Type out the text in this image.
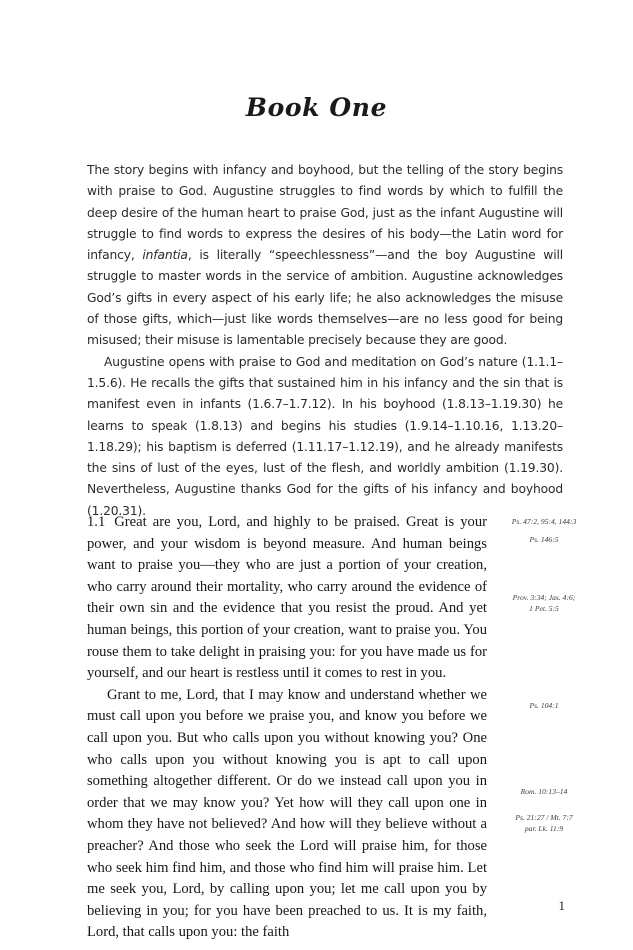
Book One

The story begins with infancy and boyhood, but the telling of the story begins with praise to God. Augustine struggles to find words by which to fulfill the deep desire of the human heart to praise God, just as the infant Augustine will struggle to find words to express the desires of his body—the Latin word for infancy, infantia, is literally “speechlessness”—and the boy Augustine will struggle to master words in the service of ambition. Augustine acknowledges God’s gifts in every aspect of his early life; he also acknowledges the misuse of those gifts, which—just like words themselves—are no less good for being misused; their misuse is lamentable precisely because they are good.

Augustine opens with praise to God and meditation on God’s nature (1.1.1–1.5.6). He recalls the gifts that sustained him in his infancy and the sin that is manifest even in infants (1.6.7–1.7.12). In his boyhood (1.8.13–1.19.30) he learns to speak (1.8.13) and begins his studies (1.9.14–1.10.16, 1.13.20–1.18.29); his baptism is deferred (1.11.17–1.12.19), and he already manifests the sins of lust of the eyes, lust of the flesh, and worldly ambition (1.19.30). Nevertheless, Augustine thanks God for the gifts of his infancy and boyhood (1.20.31).

1.1 Great are you, Lord, and highly to be praised. Great is your power, and your wisdom is beyond measure. And human beings want to praise you—they who are just a portion of your creation, who carry around their mortality, who carry around the evidence of their own sin and the evidence that you resist the proud. And yet human beings, this portion of your creation, want to praise you. You rouse them to take delight in praising you: for you have made us for yourself, and our heart is restless until it comes to rest in you.

Grant to me, Lord, that I may know and understand whether we must call upon you before we praise you, and know you before we call upon you. But who calls upon you without knowing you? One who calls upon you without knowing you is apt to call upon something altogether different. Or do we instead call upon you in order that we may know you? Yet how will they call upon one in whom they have not believed? And how will they believe without a preacher? And those who seek the Lord will praise him, for those who seek him find him, and those who find him will praise him. Let me seek you, Lord, by calling upon you; let me call upon you by believing in you; for you have been preached to us. It is my faith, Lord, that calls upon you: the faith

Ps. 47:2, 95:4, 144:3
Ps. 146:5
Prov. 3:34; Jas. 4:6;
1 Pet. 5:5
Ps. 104:1
Rom. 10:13–14
Ps. 21:27 / Mt. 7:7
par. Lk. 11:9
1
